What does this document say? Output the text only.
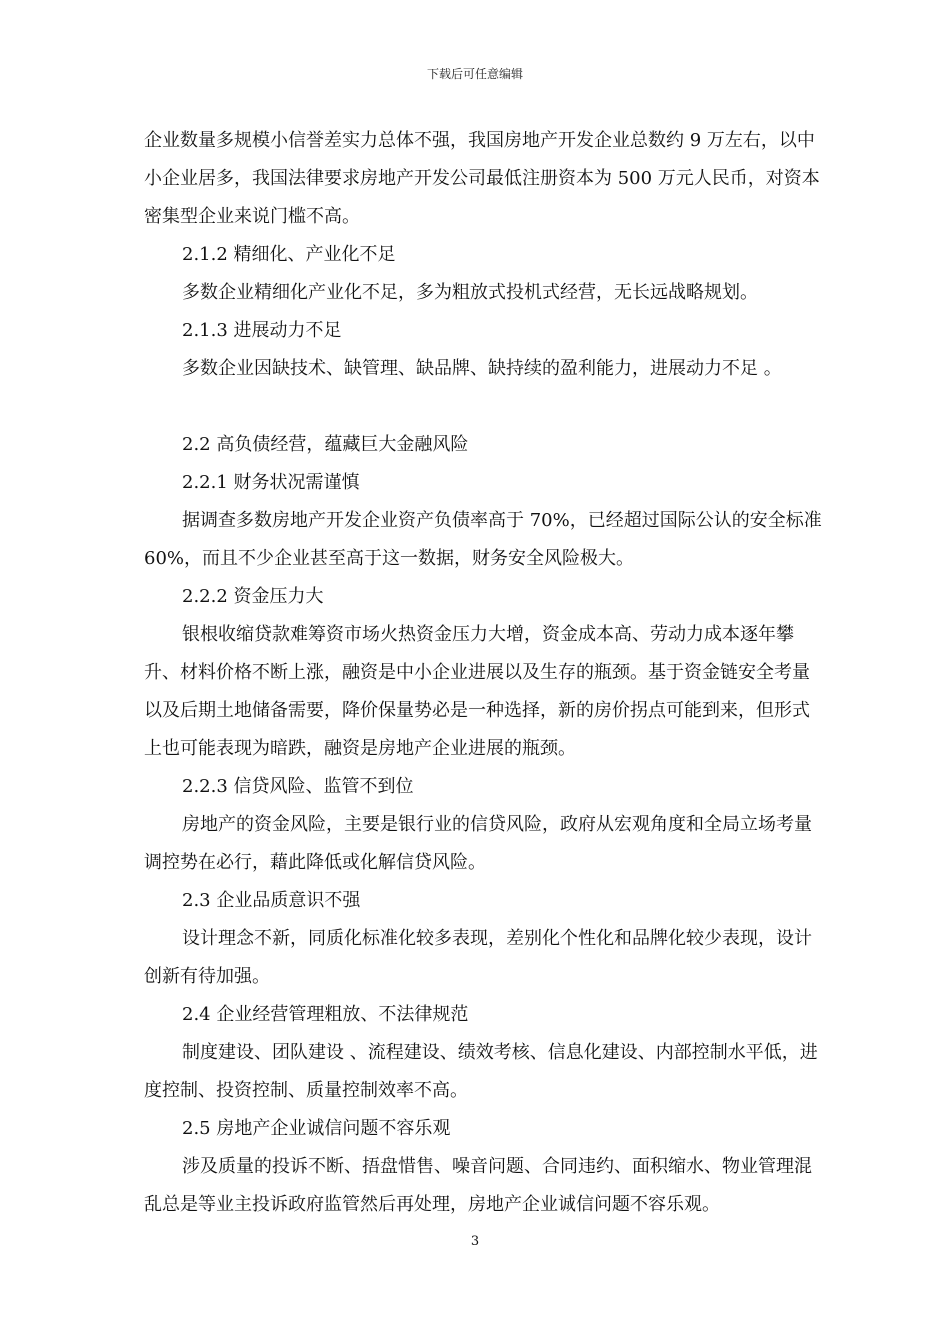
下载后可任意编辑

企业数量多规模小信誉差实力总体不强，我国房地产开发企业总数约 9 万左右，以中小企业居多，我国法律要求房地产开发公司最低注册资本为 500 万元人民币，对资本密集型企业来说门槛不高。

2.1.2 精细化、产业化不足

多数企业精细化产业化不足，多为粗放式投机式经营，无长远战略规划。

2.1.3 进展动力不足

多数企业因缺技术、缺管理、缺品牌、缺持续的盈利能力，进展动力不足 。

2.2 高负债经营，蕴藏巨大金融风险

2.2.1 财务状况需谨慎

据调查多数房地产开发企业资产负债率高于 70%，已经超过国际公认的安全标准 60%，而且不少企业甚至高于这一数据，财务安全风险极大。

2.2.2 资金压力大

银根收缩贷款难筹资市场火热资金压力大增，资金成本高、劳动力成本逐年攀升、材料价格不断上涨，融资是中小企业进展以及生存的瓶颈。基于资金链安全考量以及后期土地储备需要，降价保量势必是一种选择，新的房价拐点可能到来，但形式上也可能表现为暗跌，融资是房地产企业进展的瓶颈。

2.2.3 信贷风险、监管不到位

房地产的资金风险，主要是银行业的信贷风险，政府从宏观角度和全局立场考量调控势在必行，藉此降低或化解信贷风险。

2.3 企业品质意识不强

设计理念不新，同质化标准化较多表现，差别化个性化和品牌化较少表现，设计创新有待加强。

2.4 企业经营管理粗放、不法律规范

制度建设、团队建设 、流程建设、绩效考核、信息化建设、内部控制水平低，进度控制、投资控制、质量控制效率不高。

2.5 房地产企业诚信问题不容乐观

涉及质量的投诉不断、捂盘惜售、噪音问题、合同违约、面积缩水、物业管理混乱总是等业主投诉政府监管然后再处理，房地产企业诚信问题不容乐观。

3
